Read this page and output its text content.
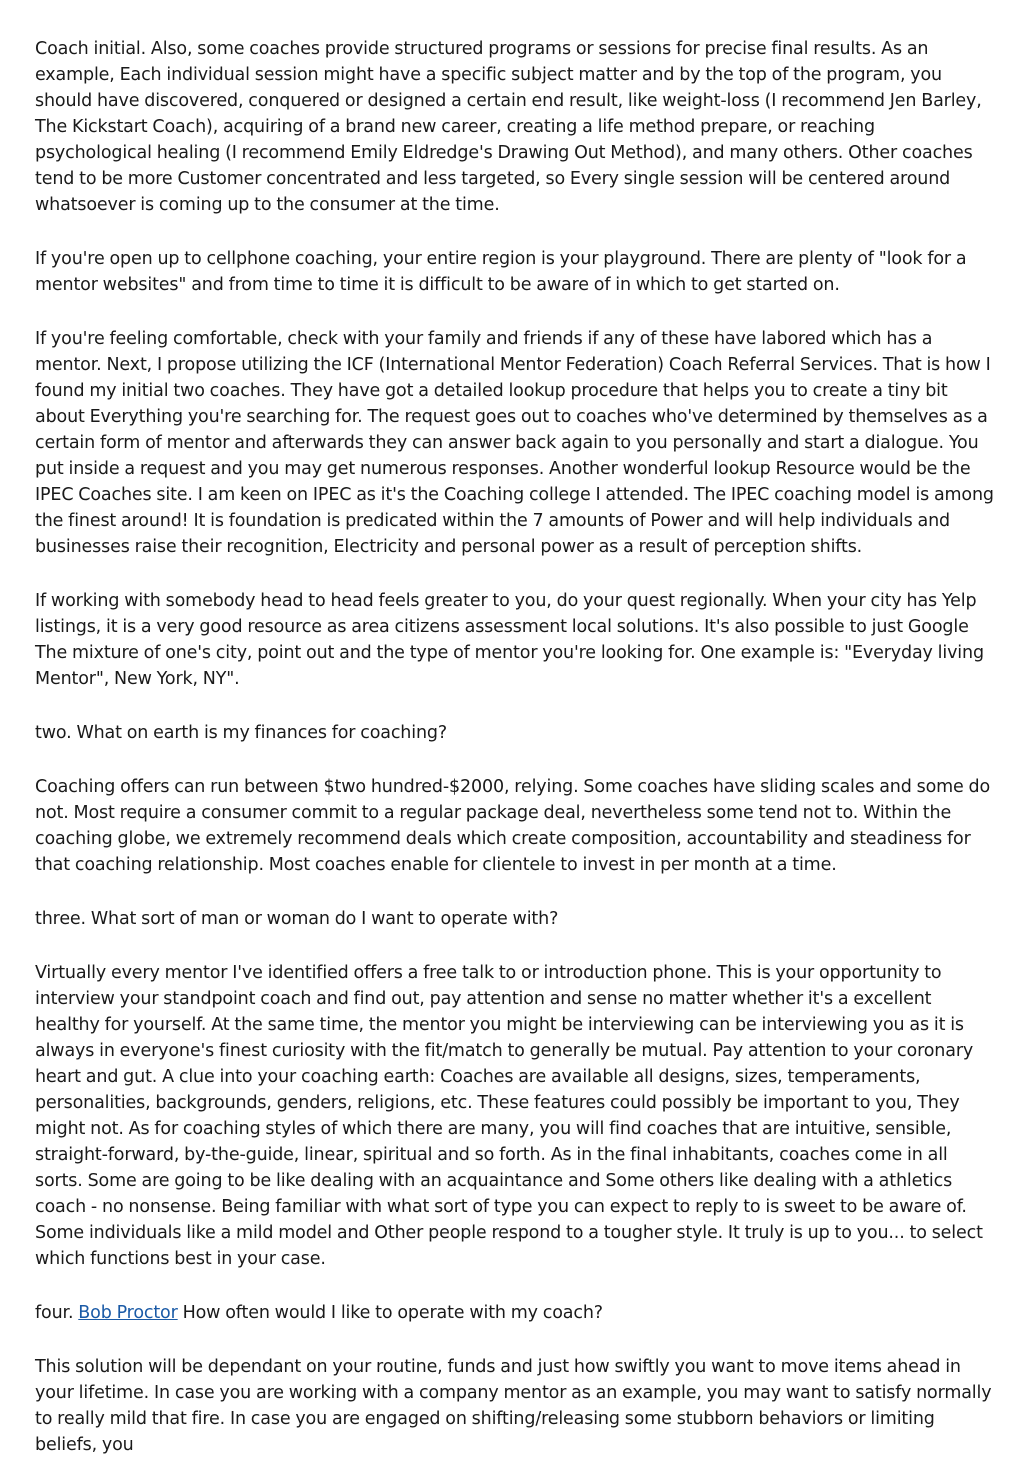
Coach initial. Also, some coaches provide structured programs or sessions for precise final results. As an example, Each individual session might have a specific subject matter and by the top of the program, you should have discovered, conquered or designed a certain end result, like weight-loss (I recommend Jen Barley, The Kickstart Coach), acquiring of a brand new career, creating a life method prepare, or reaching psychological healing (I recommend Emily Eldredge's Drawing Out Method), and many others. Other coaches tend to be more Customer concentrated and less targeted, so Every single session will be centered around whatsoever is coming up to the consumer at the time.

If you're open up to cellphone coaching, your entire region is your playground. There are plenty of "look for a mentor websites" and from time to time it is difficult to be aware of in which to get started on.

If you're feeling comfortable, check with your family and friends if any of these have labored which has a mentor. Next, I propose utilizing the ICF (International Mentor Federation) Coach Referral Services. That is how I found my initial two coaches. They have got a detailed lookup procedure that helps you to create a tiny bit about Everything you're searching for. The request goes out to coaches who've determined by themselves as a certain form of mentor and afterwards they can answer back again to you personally and start a dialogue. You put inside a request and you may get numerous responses. Another wonderful lookup Resource would be the IPEC Coaches site. I am keen on IPEC as it's the Coaching college I attended. The IPEC coaching model is among the finest around! It is foundation is predicated within the 7 amounts of Power and will help individuals and businesses raise their recognition, Electricity and personal power as a result of perception shifts.

If working with somebody head to head feels greater to you, do your quest regionally. When your city has Yelp listings, it is a very good resource as area citizens assessment local solutions. It's also possible to just Google The mixture of one's city, point out and the type of mentor you're looking for. One example is: "Everyday living Mentor", New York, NY".

two. What on earth is my finances for coaching?

Coaching offers can run between $two hundred-$2000, relying. Some coaches have sliding scales and some do not. Most require a consumer commit to a regular package deal, nevertheless some tend not to. Within the coaching globe, we extremely recommend deals which create composition, accountability and steadiness for that coaching relationship. Most coaches enable for clientele to invest in per month at a time.

three. What sort of man or woman do I want to operate with?

Virtually every mentor I've identified offers a free talk to or introduction phone. This is your opportunity to interview your standpoint coach and find out, pay attention and sense no matter whether it's a excellent healthy for yourself. At the same time, the mentor you might be interviewing can be interviewing you as it is always in everyone's finest curiosity with the fit/match to generally be mutual. Pay attention to your coronary heart and gut. A clue into your coaching earth: Coaches are available all designs, sizes, temperaments, personalities, backgrounds, genders, religions, etc. These features could possibly be important to you, They might not. As for coaching styles of which there are many, you will find coaches that are intuitive, sensible, straight-forward, by-the-guide, linear, spiritual and so forth. As in the final inhabitants, coaches come in all sorts. Some are going to be like dealing with an acquaintance and Some others like dealing with a athletics coach - no nonsense. Being familiar with what sort of type you can expect to reply to is sweet to be aware of. Some individuals like a mild model and Other people respond to a tougher style. It truly is up to you... to select which functions best in your case.

four. Bob Proctor How often would I like to operate with my coach?

This solution will be dependant on your routine, funds and just how swiftly you want to move items ahead in your lifetime. In case you are working with a company mentor as an example, you may want to satisfy normally to really mild that fire. In case you are engaged on shifting/releasing some stubborn behaviors or limiting beliefs, you
